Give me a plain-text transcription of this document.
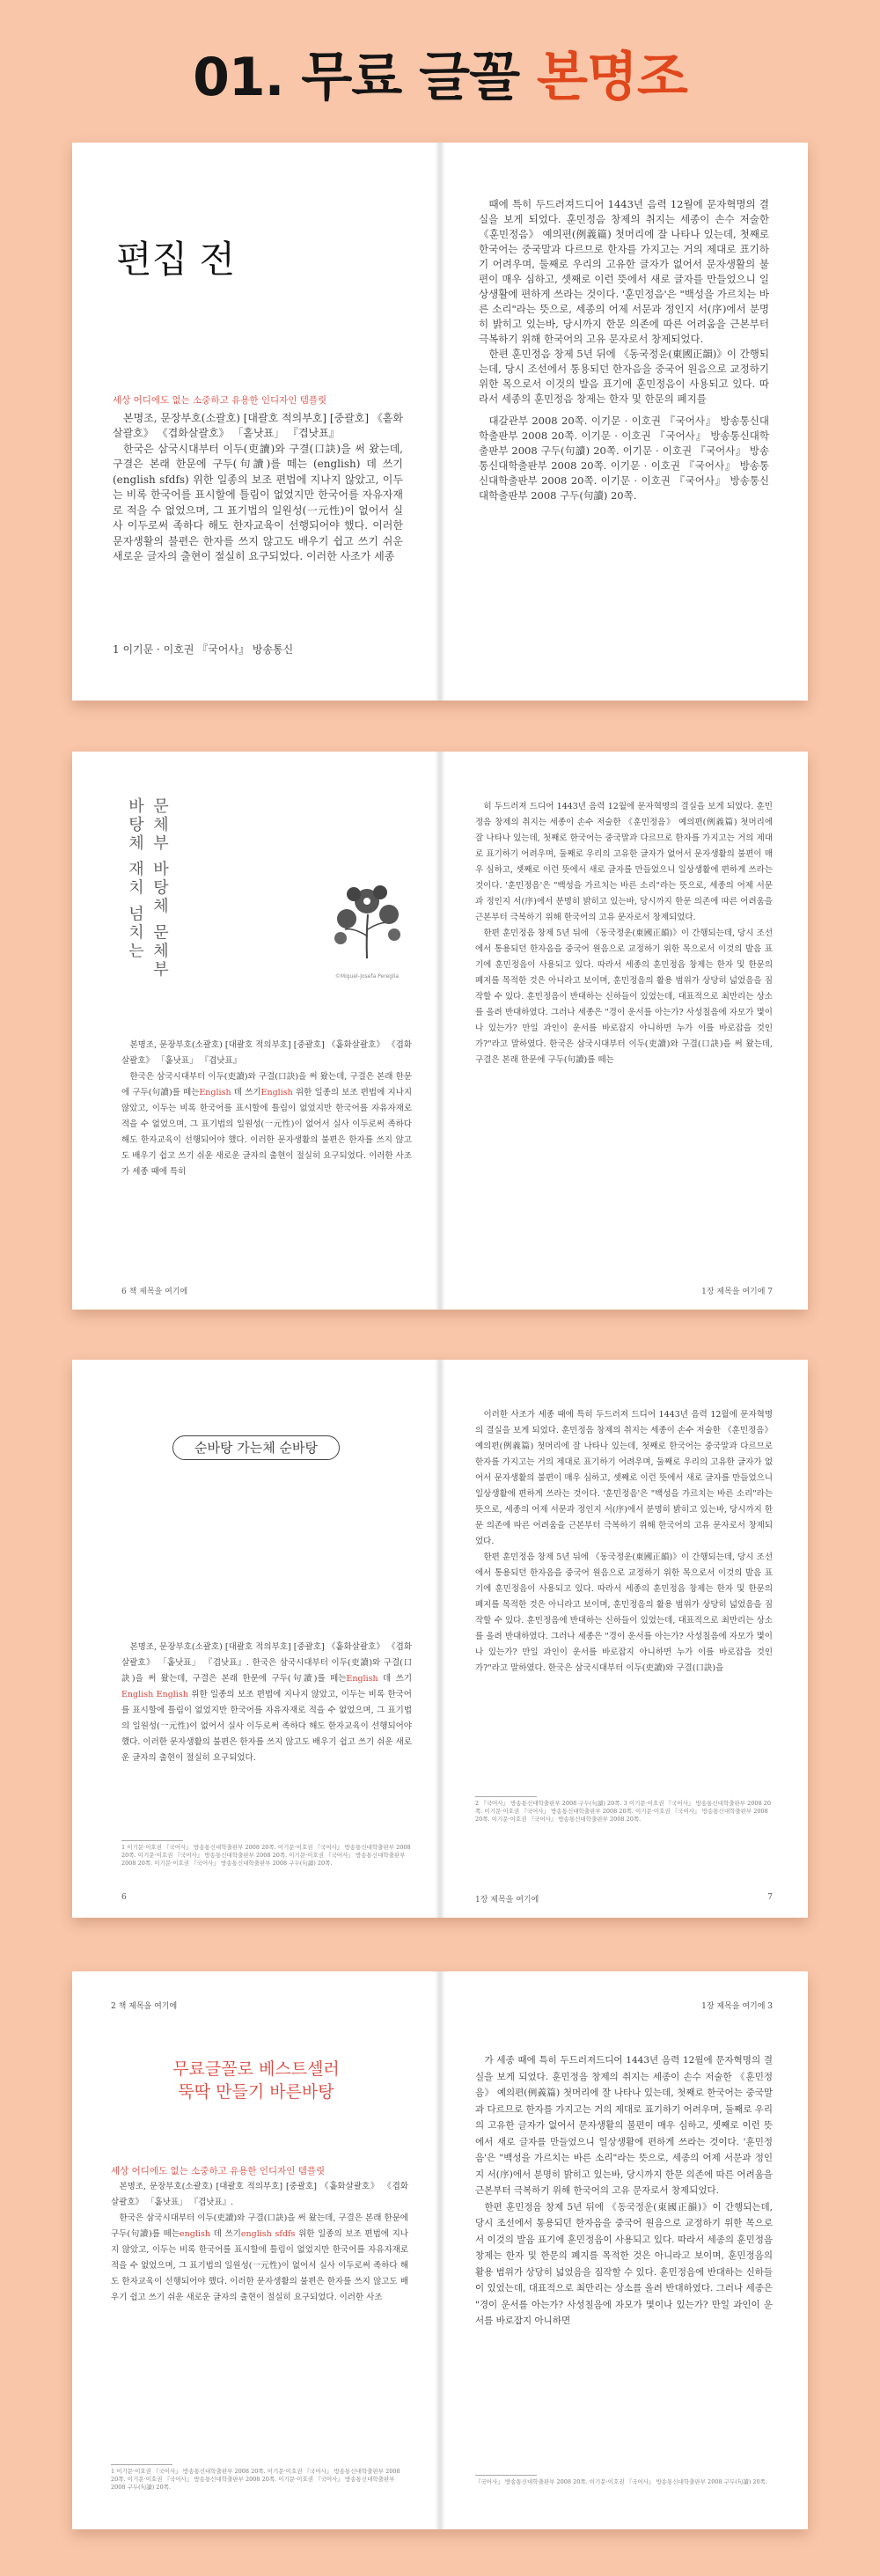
01. 무료 글꼴 본명조
편집 전
세상 어디에도 없는 소중하고 유용한 인디자인 템플릿

본명조, 문장부호(소괄호) [대괄호 적의부호] [중괄호] 《홑화살괄호》 《겹화살괄호》 「홑낫표」 『겹낫표』

한국은 삼국시대부터 이두(吏讀)와 구결(口訣)을 써 왔는데, 구결은 본래 한문에 구두(句讀)를 떼는 (english) 데 쓰기(english sfdfs) 위한 일종의 보조 편법에 지나지 않았고, 이두는 비록 한국어를 표시할에 틀림이 없었지만 한국어를 자유자재로 적을 수 없었으며, 그 표기법의 일원성(一元性)이 없어서 실사 이두로써 족하다 해도 한자교육이 선행되어야 했다. 이러한 문자생활의 불편은 한자를 쓰지 않고도 배우기 쉽고 쓰기 쉬운 새로운 글자의 출현이 절실히 요구되었다. 이러한 사조가 세종

1 이기문 · 이호권 『국어사』 방송통신

때에 특히 두드러져드디어 1443년 음력 12월에 문자혁명의 결실을 보게 되었다. 훈민정음 창제의 취지는 세종이 손수 저술한 《훈민정음》 예의편(例義篇) 첫머리에 잘 나타나 있는데, 첫째로 한국어는 중국말과 다르므로 한자를 가지고는 거의 제대로 표기하기 어려우며, 둘째로 우리의 고유한 글자가 없어서 문자생활의 불편이 매우 심하고, 셋째로 이런 뜻에서 새로 글자를 만들었으니 일상생활에 편하게 쓰라는 것이다. '훈민정음'은 "백성을 가르치는 바른 소리"라는 뜻으로, 세종의 어제 서문과 정인지 서(序)에서 분명히 밝히고 있는바, 당시까지 한문 의존에 따른 어려움을 근본부터 극복하기 위해 한국어의 고유 문자로서 창제되었다.

한편 훈민정음 창제 5년 뒤에 《동국정운(東國正韻)》이 간행되는데, 당시 조선에서 통용되던 한자음을 중국어 원음으로 교정하기 위한 목으로서 이것의 발음 표기에 훈민정음이 사용되고 있다. 따라서 세종의 훈민정음 창제는 한자 및 한문의 폐지를

대갈관부 2008 20쪽. 이기문 · 이호권 『국어사』 방송통신대학출판부 2008 20쪽. 이기문 · 이호권 『국어사』 방송통신대학출판부 2008 구두(句讀) 20쪽. 이기문 · 이호권 『국어사』 방송통신대학출판부 2008 20쪽. 이기문 · 이호권 『국어사』 방송통신대학출판부 2008 20쪽. 이기문 · 이호권 『국어사』 방송통신대학출판부 2008 구두(句讀) 20쪽.

바탕체 재치 넘치는 문체부 바탕체 문체부	©Miguel-Josefa Pereglia

본명조, 문장부호(소괄호) [대괄호 적의부호] [중괄호] 《홑화살괄호》 《겹화살괄호》 「홑낫표」 『겹낫표』

한국은 삼국시대부터 이두(吏讀)와 구결(口訣)을 써 왔는데, 구결은 본래 한문에 구두(句讀)를 떼는English 데 쓰기English 위한 일종의 보조 편법에 지나지 않았고, 이두는 비록 한국어를 표시할에 틀림이 없었지만 한국어를 자유자재로 적을 수 없었으며, 그 표기법의 일원성(一元性)이 없어서 실사 이두로써 족하다 해도 한자교육이 선행되어야 했다. 이러한 문자생활의 불편은 한자를 쓰지 않고도 배우기 쉽고 쓰기 쉬운 새로운 글자의 출현이 절실히 요구되었다. 이러한 사조가 세종 때에 특히

6 책 제목을 여기에

히 두드러져 드디어 1443년 음력 12월에 문자혁명의 결실을 보게 되었다. 훈민정음 창제의 취지는 세종이 손수 저술한 《훈민정음》 예의편(例義篇) 첫머리에 잘 나타나 있는데, 첫째로 한국어는 중국말과 다르므로 한자를 가지고는 거의 제대로 표기하기 어려우며, 둘째로 우리의 고유한 글자가 없어서 문자생활의 불편이 매우 심하고, 셋째로 이런 뜻에서 새로 글자를 만들었으니 일상생활에 편하게 쓰라는 것이다. '훈민정음'은 "백성을 가르치는 바른 소리"라는 뜻으로, 세종의 어제 서문과 정인지 서(序)에서 분명히 밝히고 있는바, 당시까지 한문 의존에 따른 어려움을 근본부터 극복하기 위해 한국어의 고유 문자로서 창제되었다.

한편 훈민정음 창제 5년 뒤에 《동국정운(東國正韻)》이 간행되는데, 당시 조선에서 통용되던 한자음을 중국어 원음으로 교정하기 위한 목으로서 이것의 발음 표기에 훈민정음이 사용되고 있다. 따라서 세종의 훈민정음 창제는 한자 및 한문의 폐지를 목적한 것은 아니라고 보이며, 훈민정음의 활용 범위가 상당히 넓었음을 짐작할 수 있다. 훈민정음이 반대하는 신하들이 있었는데, 대표적으로 최만리는 상소를 올려 반대하였다. 그러나 세종은 "경이 운서를 아는가? 사성칠음에 자모가 몇이나 있는가? 만일 과인이 운서를 바로잡지 아니하면 누가 이를 바로잡을 것인가?"라고 말하였다. 한국은 삼국시대부터 이두(吏讀)와 구결(口訣)을 써 왔는데, 구결은 본래 한문에 구두(句讀)를 떼는

1장 제목을 여기에 7
순바탕 가는체 순바탕

본명조, 문장부호(소괄호) [대괄호 적의부호] [중괄호] 《홑화살괄호》 《겹화살괄호》 「홑낫표」 『겹낫표』. 한국은 삼국시대부터 이두(吏讀)와 구결(口訣)을 써 왔는데, 구결은 본래 한문에 구두(句讀)를 떼는English 데 쓰기English English 위한 일종의 보조 편법에 지나지 않았고, 이두는 비록 한국어를 표시할에 틀림이 없었지만 한국어를 자유자재로 적을 수 없었으며, 그 표기법의 일원성(一元性)이 없어서 실사 이두로써 족하다 해도 한자교육이 선행되어야 했다. 이러한 문자생활의 불편은 한자를 쓰지 않고도 배우기 쉽고 쓰기 쉬운 새로운 글자의 출현이 절실히 요구되었다.

1 이기문·이호권 『국어사』 방송통신대학출판부 2008 20쪽. 이기문·이호권 『국어사』 방송통신대학출판부 2008 20쪽. 이기문·이호권 『국어사』 방송통신대학출판부 2008 20쪽. 이기문·이호권 『국어사』 방송통신대학출판부 2008 20쪽. 이기문·이호권 『국어사』 방송통신대학출판부 2008 구두(句讀) 20쪽.
6

이러한 사조가 세종 때에 특히 두드러져 드디어 1443년 음력 12월에 문자혁명의 결실을 보게 되었다. 훈민정음 창제의 취지는 세종이 손수 저술한 《훈민정음》 예의편(例義篇) 첫머리에 잘 나타나 있는데, 첫째로 한국어는 중국말과 다르므로 한자를 가지고는 거의 제대로 표기하기 어려우며, 둘째로 우리의 고유한 글자가 없어서 문자생활의 불편이 매우 심하고, 셋째로 이런 뜻에서 새로 글자를 만들었으니 일상생활에 편하게 쓰라는 것이다. '훈민정음'은 "백성을 가르치는 바른 소리"라는 뜻으로, 세종의 어제 서문과 정인지 서(序)에서 분명히 밝히고 있는바, 당시까지 한문 의존에 따른 어려움을 근본부터 극복하기 위해 한국어의 고유 문자로서 창제되었다.

한편 훈민정음 창제 5년 뒤에 《동국정운(東國正韻)》이 간행되는데, 당시 조선에서 통용되던 한자음을 중국어 원음으로 교정하기 위한 목으로서 이것의 발음 표기에 훈민정음이 사용되고 있다. 따라서 세종의 훈민정음 창제는 한자 및 한문의 폐지를 목적한 것은 아니라고 보이며, 훈민정음의 활용 범위가 상당히 넓었음을 짐작할 수 있다. 훈민정음에 반대하는 신하들이 있었는데, 대표적으로 최만리는 상소를 올려 반대하였다. 그러나 세종은 "경이 운서를 아는가? 사성칠음에 자모가 몇이나 있는가? 만일 과인이 운서를 바로잡지 아니하면 누가 이를 바로잡을 것인가?"라고 말하였다. 한국은 삼국시대부터 이두(吏讀)와 구결(口訣)을

2 『국어사』 방송통신대학출판부 2008 구두(句讀) 20쪽. 3 이기문·이호권 『국어사』 방송통신대학출판부 2008 20쪽. 이기문·이호권 『국어사』 방송통신대학출판부 2008 20쪽. 이기문·이호권 『국어사』 방송통신대학출판부 2008 20쪽. 이기문·이호권 『국어사』 방송통신대학출판부 2008 20쪽.
1장 제목을 여기에	7
2 책 제목을 여기에
무료글꼴로 베스트셀러
뚝딱 만들기 바른바탕
세상 어디에도 없는 소중하고 유용한 인디자인 템플릿

본명조, 문장부호(소괄호) [대괄호 적의부호] [중괄호] 《홑화살괄호》 《겹화살괄호》 「홑낫표」 『겹낫표』.

한국은 삼국시대부터 이두(吏讀)와 구결(口訣)을 써 왔는데, 구결은 본래 한문에 구두(句讀)를 떼는english 데 쓰기english sfdfs 위한 일종의 보조 편법에 지나지 않았고, 이두는 비록 한국어를 표시할에 틀림이 없었지만 한국어를 자유자재로 적을 수 없었으며, 그 표기법의 일원성(一元性)이 없어서 실사 이두로써 족하다 해도 한자교육이 선행되어야 했다. 이러한 문자생활의 불편은 한자를 쓰지 않고도 배우기 쉽고 쓰기 쉬운 새로운 글자의 출현이 절실히 요구되었다. 이러한 사조

1 이기문·이호권 『국어사』 방송통신대학출판부 2008 20쪽. 이기문·이호권 『국어사』 방송통신대학출판부 2008 20쪽. 이기문·이호권 『국어사』 방송통신대학출판부 2008 20쪽. 이기문·이호권 『국어사』 방송통신대학출판부 2008 구두(句讀) 20쪽.
1장 제목을 여기에 3

가 세종 때에 특히 두드러져드디어 1443년 음력 12월에 문자혁명의 결실을 보게 되었다. 훈민정음 창제의 취지는 세종이 손수 저술한 《훈민정음》 예의편(例義篇) 첫머리에 잘 나타나 있는데, 첫째로 한국어는 중국말과 다르므로 한자를 가지고는 거의 제대로 표기하기 어려우며, 둘째로 우리의 고유한 글자가 없어서 문자생활의 불편이 매우 심하고, 셋째로 이런 뜻에서 새로 글자를 만들었으니 일상생활에 편하게 쓰라는 것이다. '훈민정음'은 "백성을 가르치는 바른 소리"라는 뜻으로, 세종의 어제 서문과 정인지 서(序)에서 분명히 밝히고 있는바, 당시까지 한문 의존에 따른 어려움을 근본부터 극복하기 위해 한국어의 고유 문자로서 창제되었다.

한편 훈민정음 창제 5년 뒤에 《동국정운(東國正韻)》이 간행되는데, 당시 조선에서 통용되던 한자음을 중국어 원음으로 교정하기 위한 목으로서 이것의 발음 표기에 훈민정음이 사용되고 있다. 따라서 세종의 훈민정음 창제는 한자 및 한문의 폐지를 목적한 것은 아니라고 보이며, 훈민정음의 활용 범위가 상당히 넓었음을 짐작할 수 있다. 훈민정음에 반대하는 신하들이 있었는데, 대표적으로 최만리는 상소를 올려 반대하였다. 그러나 세종은 "경이 운서를 아는가? 사성칠음에 자모가 몇이나 있는가? 만일 과인이 운서를 바로잡지 아니하면

『국어사』 방송통신대학출판부 2008 20쪽. 이기문·이호권 『국어사』 방송통신대학출판부 2008 구두(句讀) 20쪽.
